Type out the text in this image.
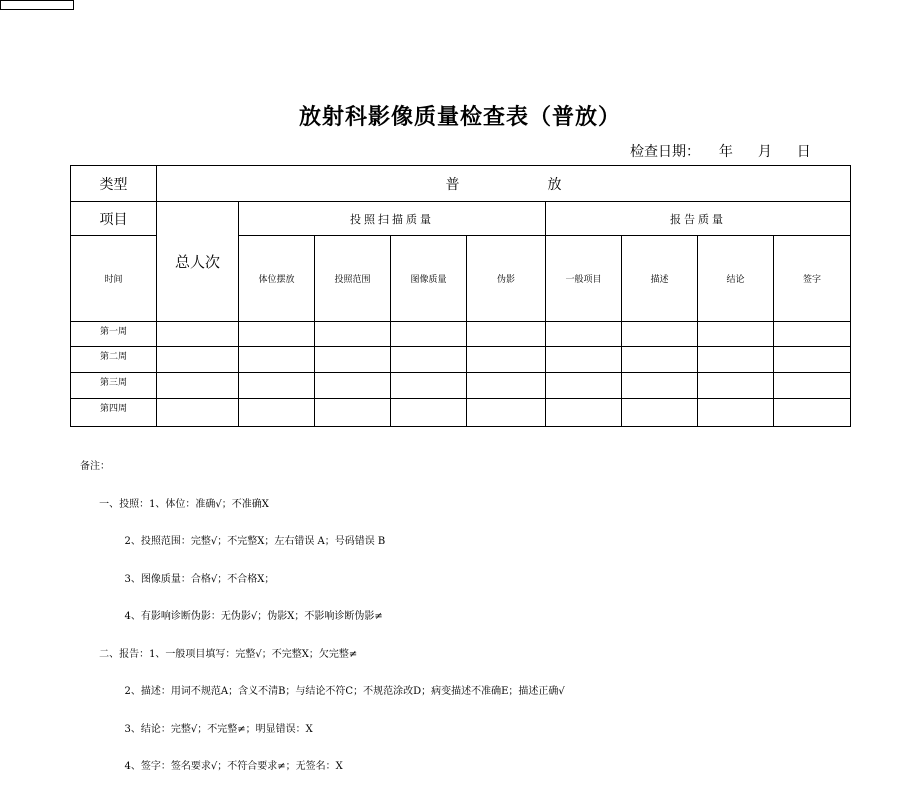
放射科影像质量检查表（普放）
检查日期： 年 月 日
类型	普 放								
项目	总人次	投照扫描质量				报告质量			
时间		体位摆放	投照范围	图像质量	伪影	一般项目	描述	结论	签字
第一周									
第二周									
第三周									
第四周									

备注：

一、投照：1、体位：准确√；不准确X

2、投照范围：完整√；不完整X；左右错误 A；号码错误 B

3、图像质量：合格√；不合格X；

4、有影响诊断伪影：无伪影√；伪影X；不影响诊断伪影≠

二、报告：1、一般项目填写：完整√；不完整X；欠完整≠

2、描述：用词不规范A；含义不清B；与结论不符C；不规范涂改D；病变描述不准确E；描述正确√

3、结论：完整√；不完整≠；明显错误：X

4、签字：签名要求√；不符合要求≠；无签名：X
